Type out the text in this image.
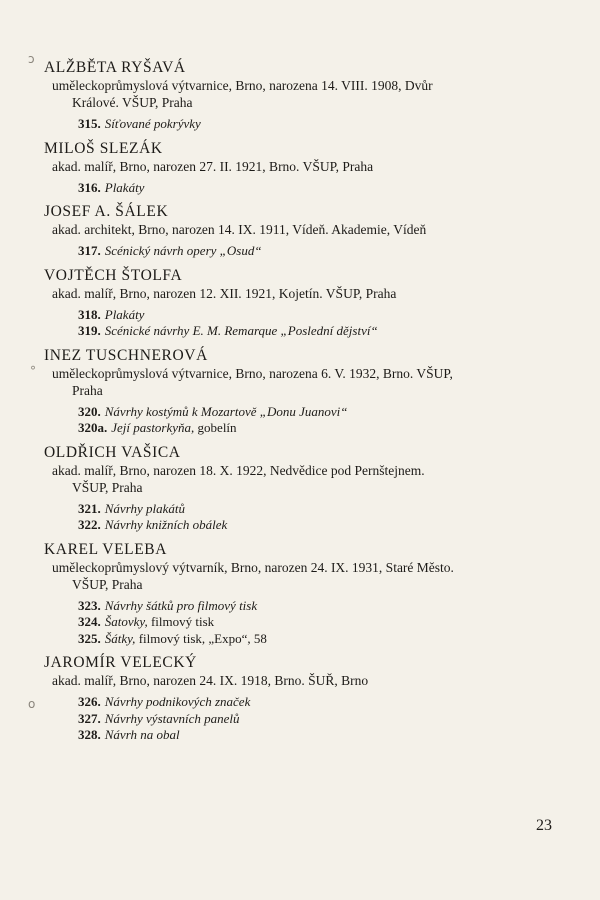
ↄ
°
o
ALŽBĚTA RYŠAVÁ
uměleckoprůmyslová výtvarnice, Brno, narozena 14. VIII. 1908, Dvůr
Králové. VŠUP, Praha
315. Síťované pokrývky
MILOŠ SLEZÁK
akad. malíř, Brno, narozen 27. II. 1921, Brno. VŠUP, Praha
316. Plakáty
JOSEF A. ŠÁLEK
akad. architekt, Brno, narozen 14. IX. 1911, Vídeň. Akademie, Vídeň
317. Scénický návrh opery „Osud“
VOJTĚCH ŠTOLFA
akad. malíř, Brno, narozen 12. XII. 1921, Kojetín. VŠUP, Praha
318. Plakáty
319. Scénické návrhy E. M. Remarque „Poslední dějství“
INEZ TUSCHNEROVÁ
uměleckoprůmyslová výtvarnice, Brno, narozena 6. V. 1932, Brno. VŠUP,
Praha
320. Návrhy kostýmů k Mozartově „Donu Juanovi“
320a. Její pastorkyňa, gobelín
OLDŘICH VAŠICA
akad. malíř, Brno, narozen 18. X. 1922, Nedvědice pod Pernštejnem.
VŠUP, Praha
321. Návrhy plakátů
322. Návrhy knižních obálek
KAREL VELEBA
uměleckoprůmyslový výtvarník, Brno, narozen 24. IX. 1931, Staré Město.
VŠUP, Praha
323. Návrhy šátků pro filmový tisk
324. Šatovky, filmový tisk
325. Šátky, filmový tisk, „Expo“, 58
JAROMÍR VELECKÝ
akad. malíř, Brno, narozen 24. IX. 1918, Brno. ŠUŘ, Brno
326. Návrhy podnikových značek
327. Návrhy výstavních panelů
328. Návrh na obal
23
